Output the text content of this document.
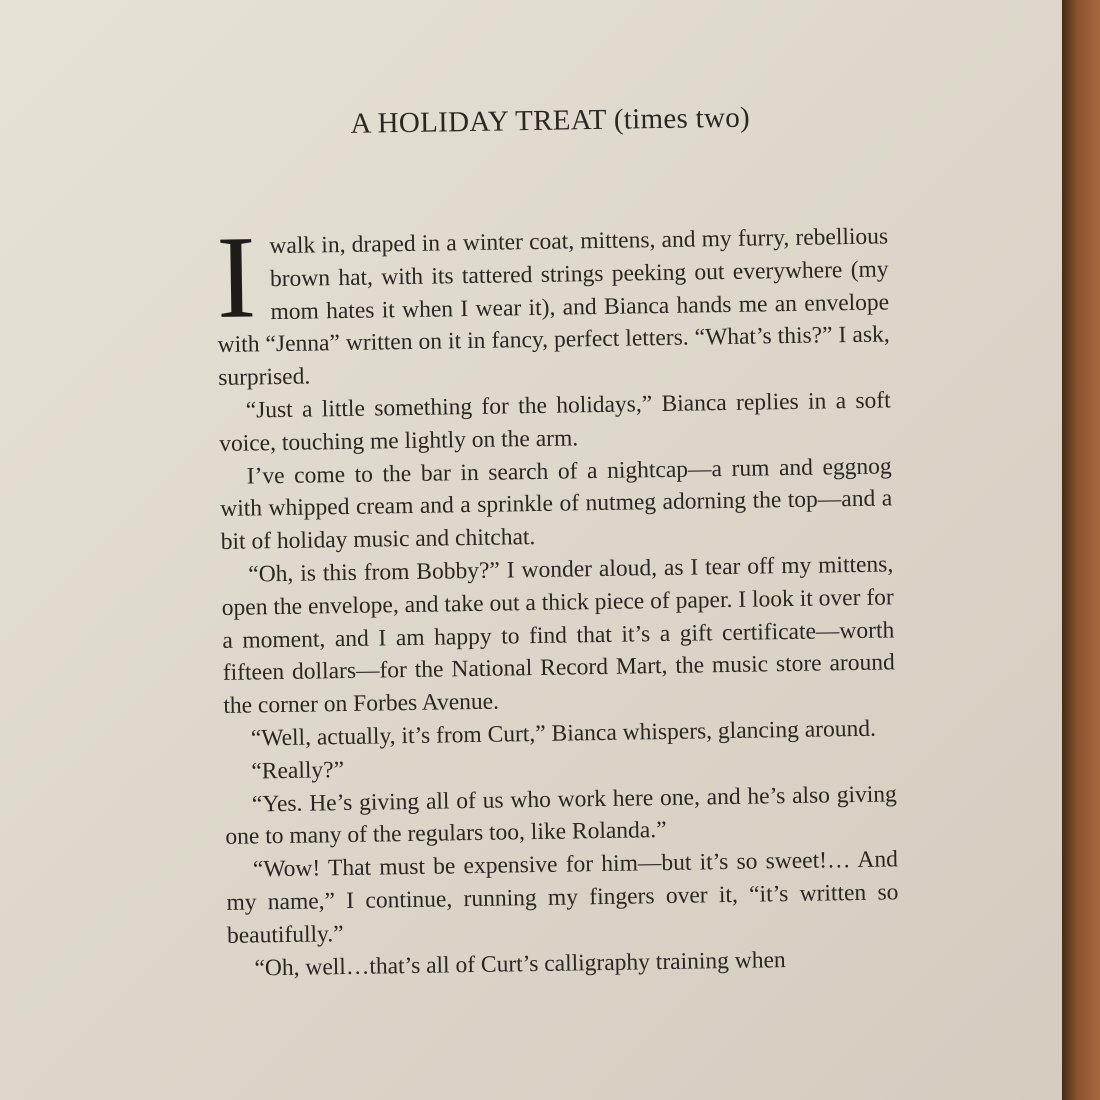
A HOLIDAY TREAT (times two)

I walk in, draped in a winter coat, mittens, and my furry, rebellious brown hat, with its tattered strings peeking out everywhere (my mom hates it when I wear it), and Bianca hands me an envelope with “Jenna” written on it in fancy, perfect letters. “What’s this?” I ask, surprised.

“Just a little something for the holidays,” Bianca replies in a soft voice, touching me lightly on the arm.

I’ve come to the bar in search of a nightcap—a rum and eggnog with whipped cream and a sprinkle of nutmeg adorning the top—and a bit of holiday music and chitchat.

“Oh, is this from Bobby?” I wonder aloud, as I tear off my mittens, open the envelope, and take out a thick piece of paper. I look it over for a moment, and I am happy to find that it’s a gift certificate—worth fifteen dollars—for the National Record Mart, the music store around the corner on Forbes Avenue.

“Well, actually, it’s from Curt,” Bianca whispers, glancing around.

“Really?”

“Yes. He’s giving all of us who work here one, and he’s also giving one to many of the regulars too, like Rolanda.”

“Wow! That must be expensive for him—but it’s so sweet!… And my name,” I continue, running my fingers over it, “it’s written so beautifully.”

“Oh, well…that’s all of Curt’s calligraphy training when
